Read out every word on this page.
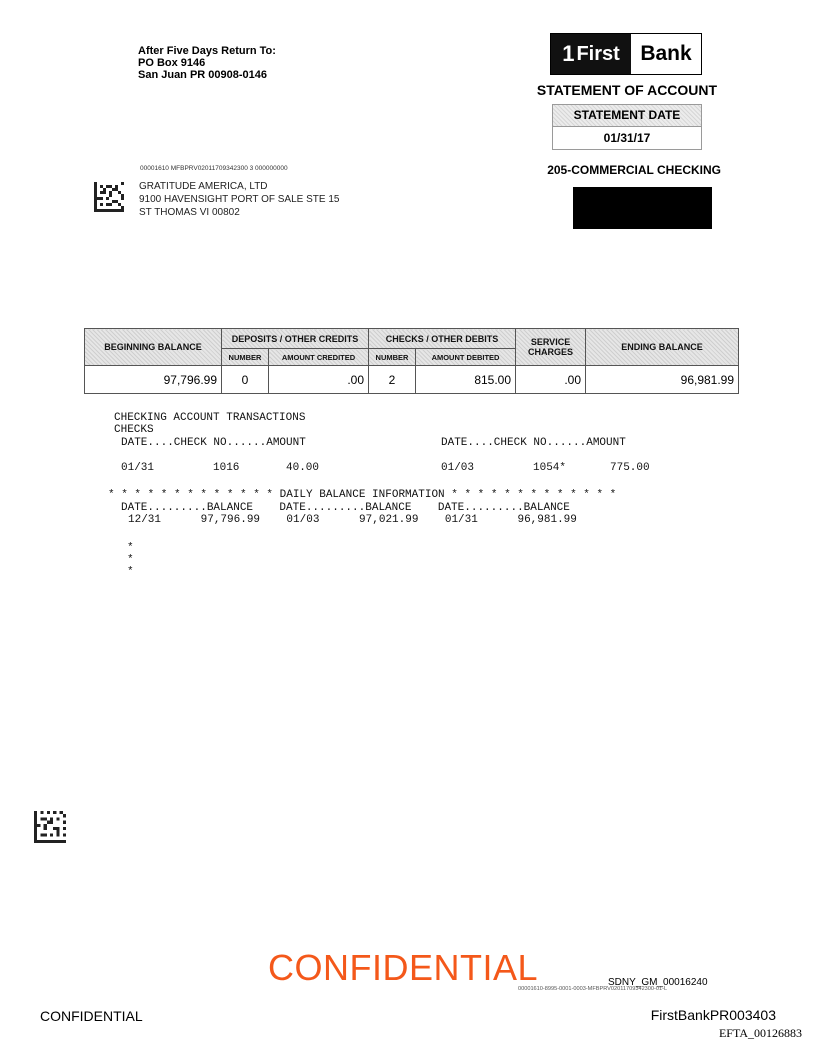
After Five Days Return To:
PO Box 9146
San Juan PR 00908-0146
1 First Bank
STATEMENT OF ACCOUNT
STATEMENT DATE
01/31/17
205-COMMERCIAL CHECKING
00001610 MFBPRV02011709342300 3 000000000
GRATITUDE AMERICA, LTD
9100 HAVENSIGHT PORT OF SALE STE 15
ST THOMAS VI 00802
BEGINNING BALANCE	DEPOSITS / OTHER CREDITS		CHECKS / OTHER DEBITS		SERVICE CHARGES	ENDING BALANCE
	NUMBER	AMOUNT CREDITED	NUMBER	AMOUNT DEBITED		
97,796.99	0	.00	2	815.00	.00	96,981.99
CHECKING ACCOUNT TRANSACTIONS
CHECKS
DATE....CHECK NO......AMOUNT	DATE....CHECK NO......AMOUNT
01/31	1016	40.00	01/03	1054*	775.00
* * * * * * * * * * * * * DAILY BALANCE INFORMATION * * * * * * * * * * * * *
DATE.........BALANCE    DATE.........BALANCE    DATE.........BALANCE
12/31      97,796.99    01/03      97,021.99    01/31      96,981.99
*
*
*
CONFIDENTIAL	SDNY_GM_00016240
00001610-8995-0001-0003-MFBPRV02011709342300-01-L
CONFIDENTIAL	FirstBankPR003403
EFTA_00126883
